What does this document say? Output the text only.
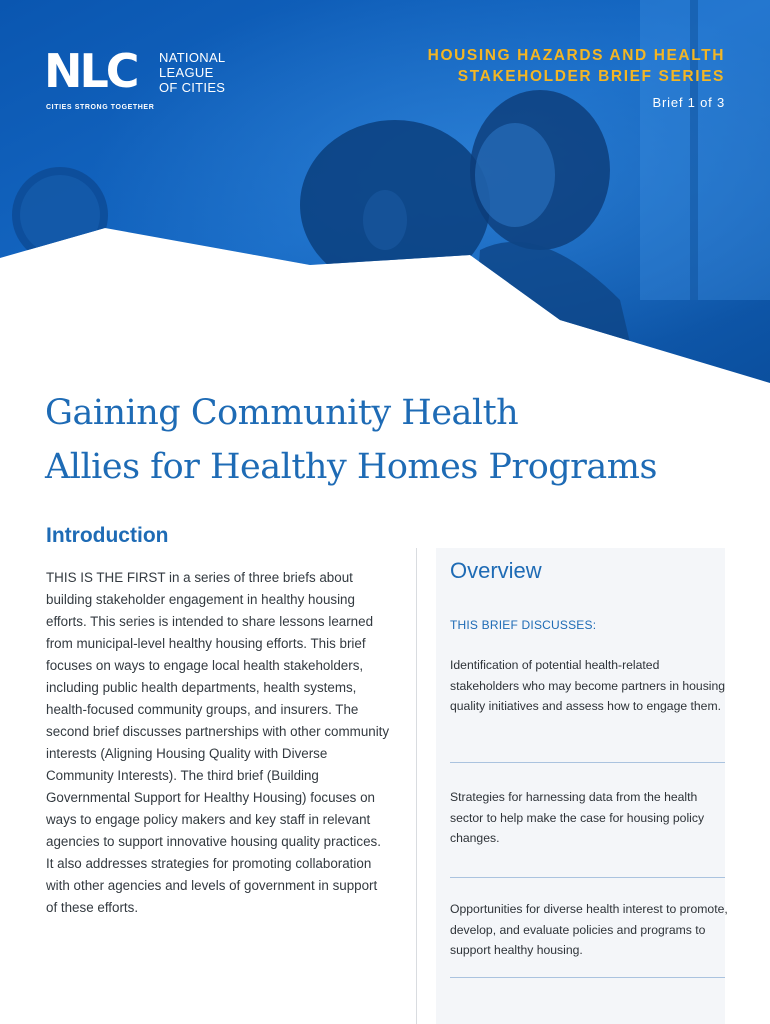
NLC NATIONAL
LEAGUE
OF CITIES
CITIES STRONG TOGETHER
HOUSING HAZARDS AND HEALTH
STAKEHOLDER BRIEF SERIES
Brief 1 of 3
Gaining Community Health
Allies for Healthy Homes Programs
Introduction
THIS IS THE FIRST in a series of three briefs about building stakeholder engagement in healthy housing efforts. This series is intended to share lessons learned from municipal-level healthy housing efforts. This brief focuses on ways to engage local health stakeholders, including public health departments, health systems, health-focused community groups, and insurers. The second brief discusses partnerships with other community interests (Aligning Housing Quality with Diverse Community Interests). The third brief (Building Governmental Support for Healthy Housing) focuses on ways to engage policy makers and key staff in relevant agencies to support innovative housing quality practices. It also addresses strategies for promoting collaboration with other agencies and levels of government in support of these efforts.
Overview
THIS BRIEF DISCUSSES:
Identification of potential health-related stakeholders who may become partners in housing quality initiatives and assess how to engage them.
Strategies for harnessing data from the health sector to help make the case for housing policy changes.
Opportunities for diverse health interest to promote, develop, and evaluate policies and programs to support healthy housing.
